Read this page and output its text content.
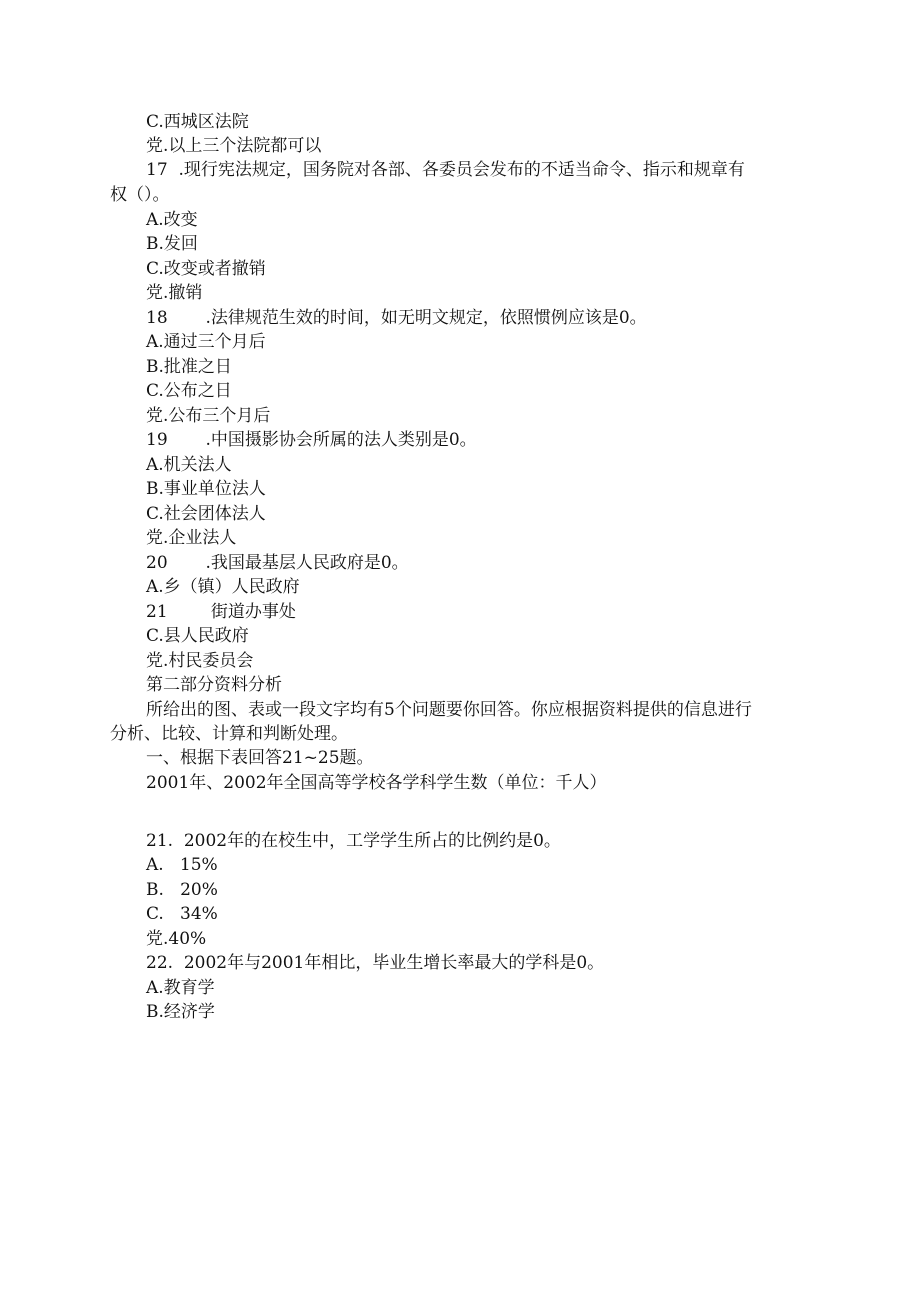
C.西城区法院
党.以上三个法院都可以
17  .现行宪法规定，国务院对各部、各委员会发布的不适当命令、指示和规章有
权（）。
A.改变
B.发回
C.改变或者撤销
党.撤销
18       .法律规范生效的时间，如无明文规定，依照惯例应该是0。
A.通过三个月后
B.批准之日
C.公布之日
党.公布三个月后
19       .中国摄影协会所属的法人类别是0。
A.机关法人
B.事业单位法人
C.社会团体法人
党.企业法人
20       .我国最基层人民政府是0。
A.乡（镇）人民政府
21        街道办事处
C.县人民政府
党.村民委员会
第二部分资料分析
所给出的图、表或一段文字均有5个问题要你回答。你应根据资料提供的信息进行
分析、比较、计算和判断处理。
一、根据下表回答21~25题。
2001年、2002年全国高等学校各学科学生数（单位：千人）
21.  2002年的在校生中，工学学生所占的比例约是0。
A.   15%
B.   20%
C.   34%
党.40%
22.  2002年与2001年相比，毕业生增长率最大的学科是0。
A.教育学
B.经济学
